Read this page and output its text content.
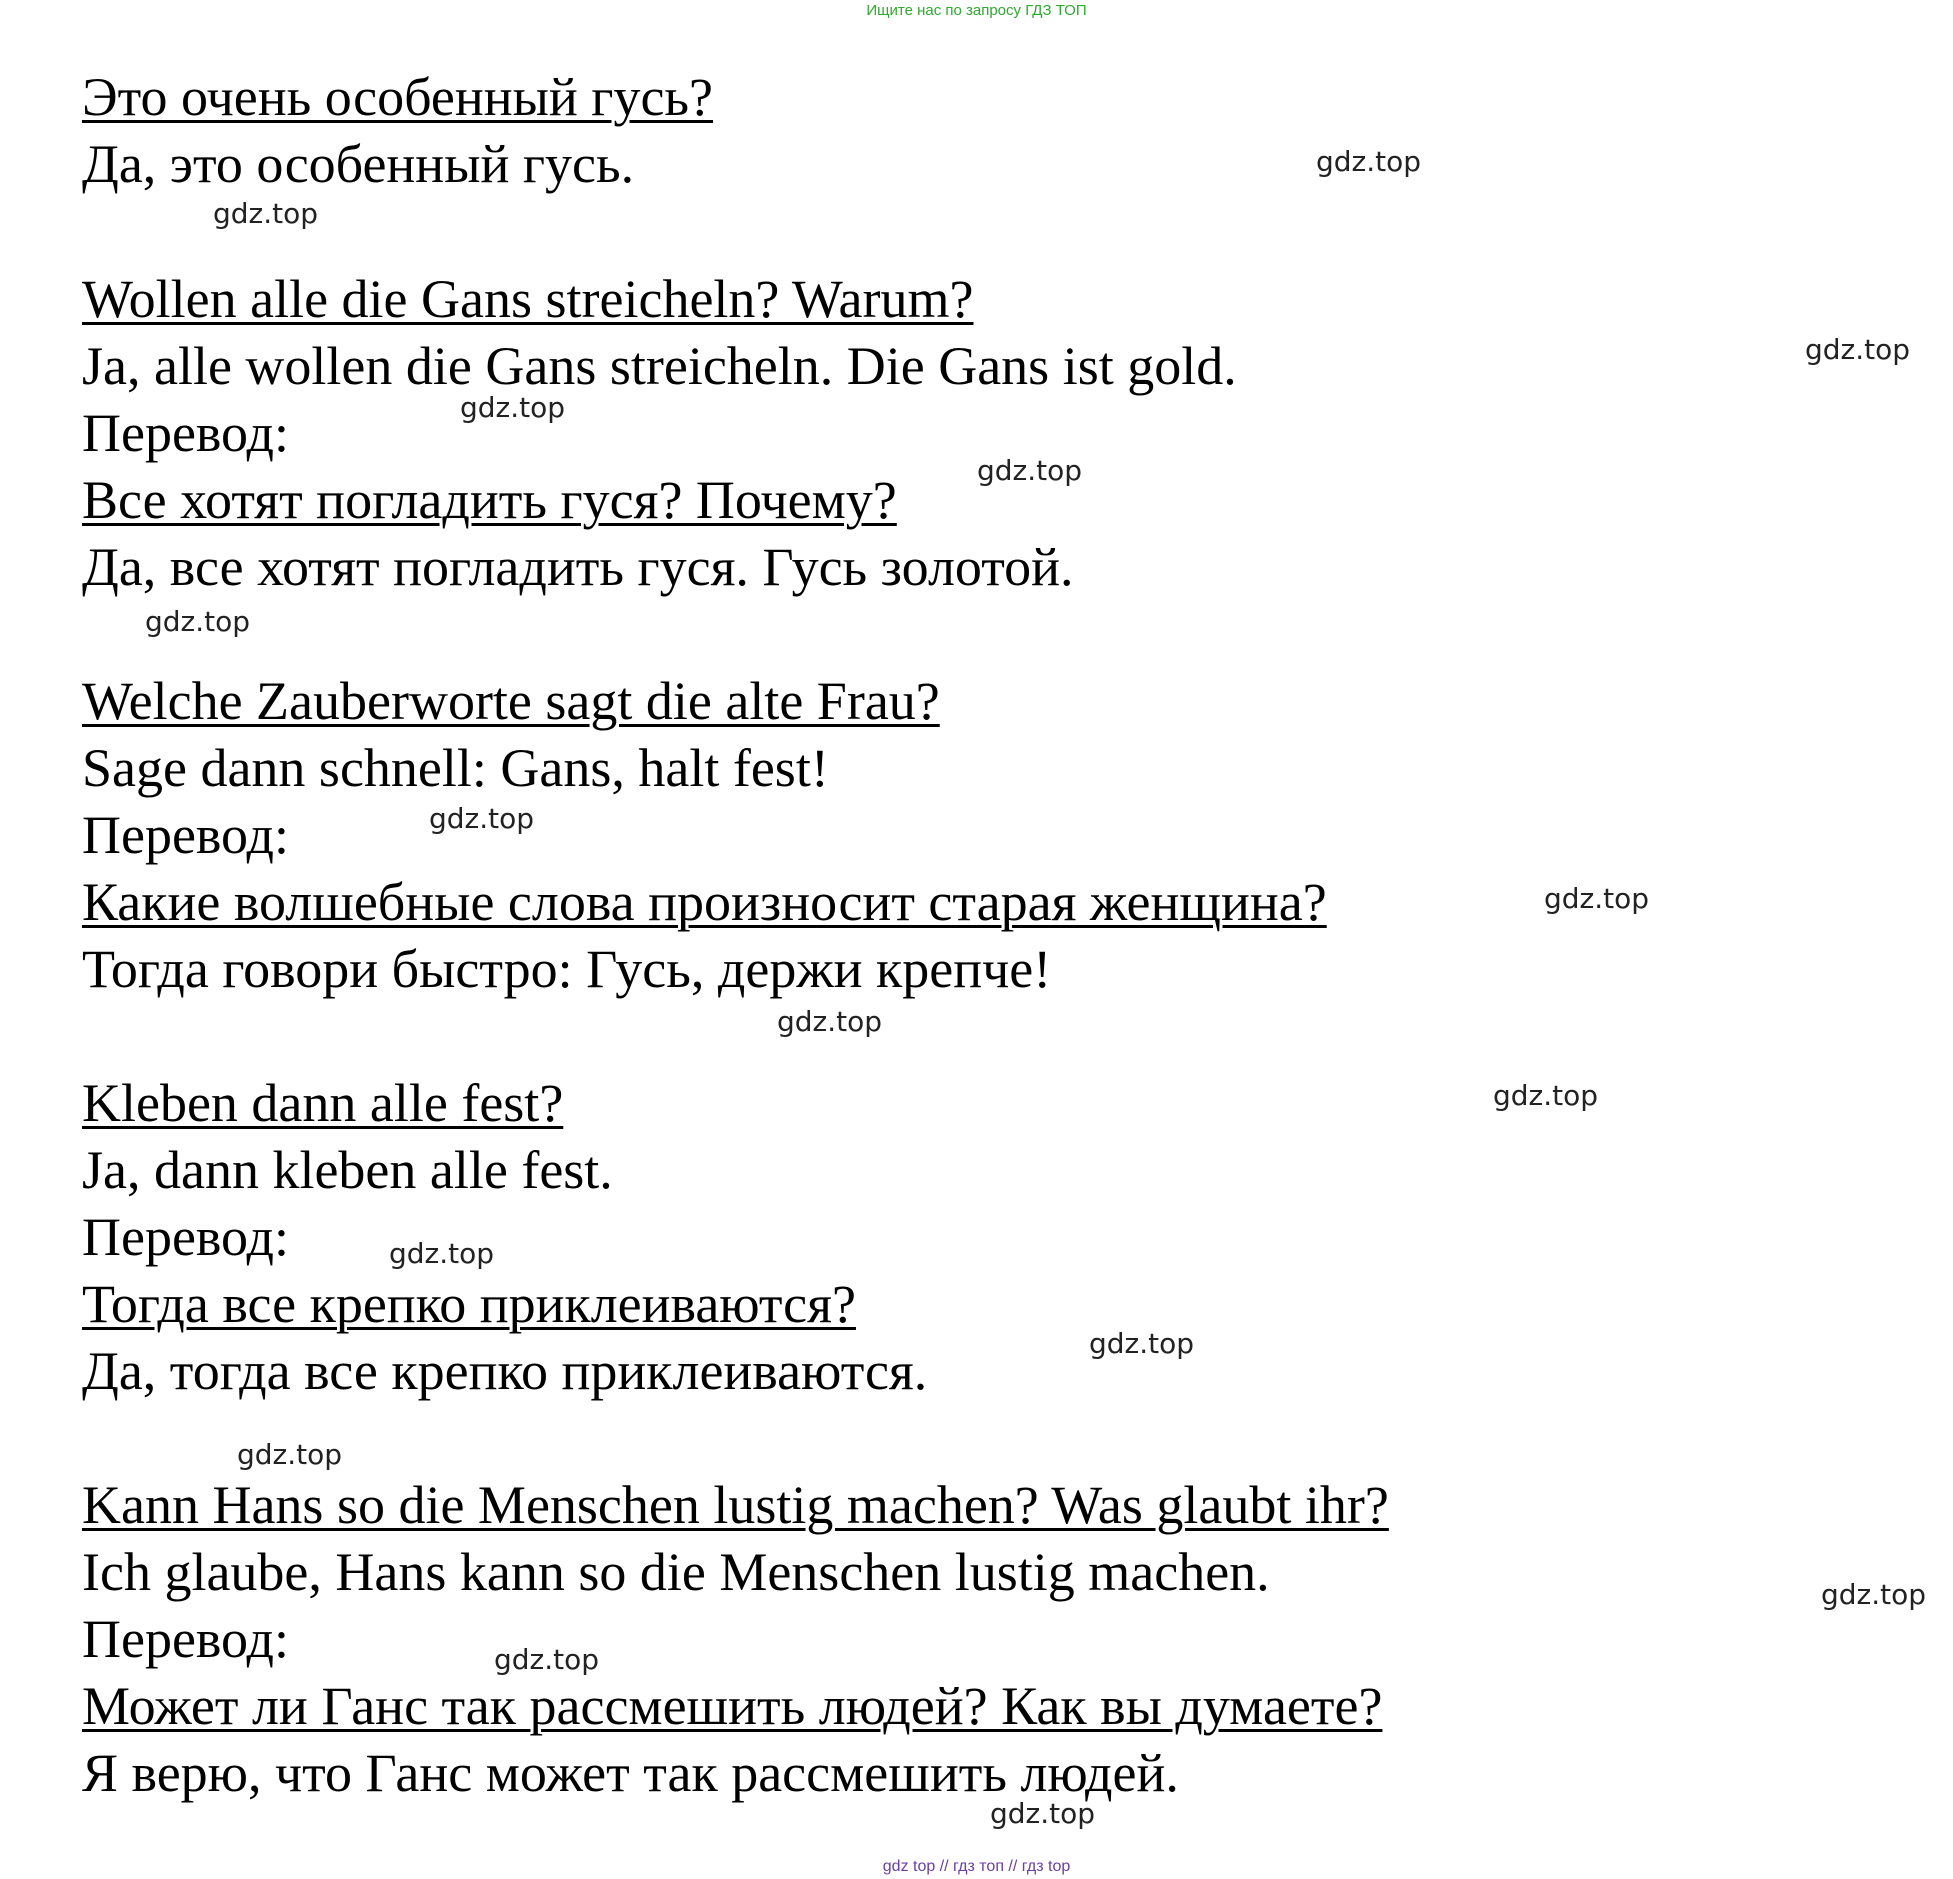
Ищите нас по запросу ГДЗ ТОП
Это очень особенный гусь?
Да, это особенный гусь.
Wollen alle die Gans streicheln? Warum?
Ja, alle wollen die Gans streicheln. Die Gans ist gold.
Перевод:
Все хотят погладить гуся? Почему?
Да, все хотят погладить гуся. Гусь золотой.
Welche Zauberworte sagt die alte Frau?
Sage dann schnell: Gans, halt fest!
Перевод:
Какие волшебные слова произносит старая женщина?
Тогда говори быстро: Гусь, держи крепче!
Kleben dann alle fest?
Ja, dann kleben alle fest.
Перевод:
Тогда все крепко приклеиваются?
Да, тогда все крепко приклеиваются.
Kann Hans so die Menschen lustig machen? Was glaubt ihr?
Ich glaube, Hans kann so die Menschen lustig machen.
Перевод:
Может ли Ганс так рассмешить людей? Как вы думаете?
Я верю, что Ганс может так рассмешить людей.
gdz.top
gdz.top
gdz.top
gdz.top
gdz.top
gdz.top
gdz.top
gdz.top
gdz.top
gdz.top
gdz.top
gdz.top
gdz.top
gdz.top
gdz.top
gdz.top
gdz top // гдз топ // гдз top
